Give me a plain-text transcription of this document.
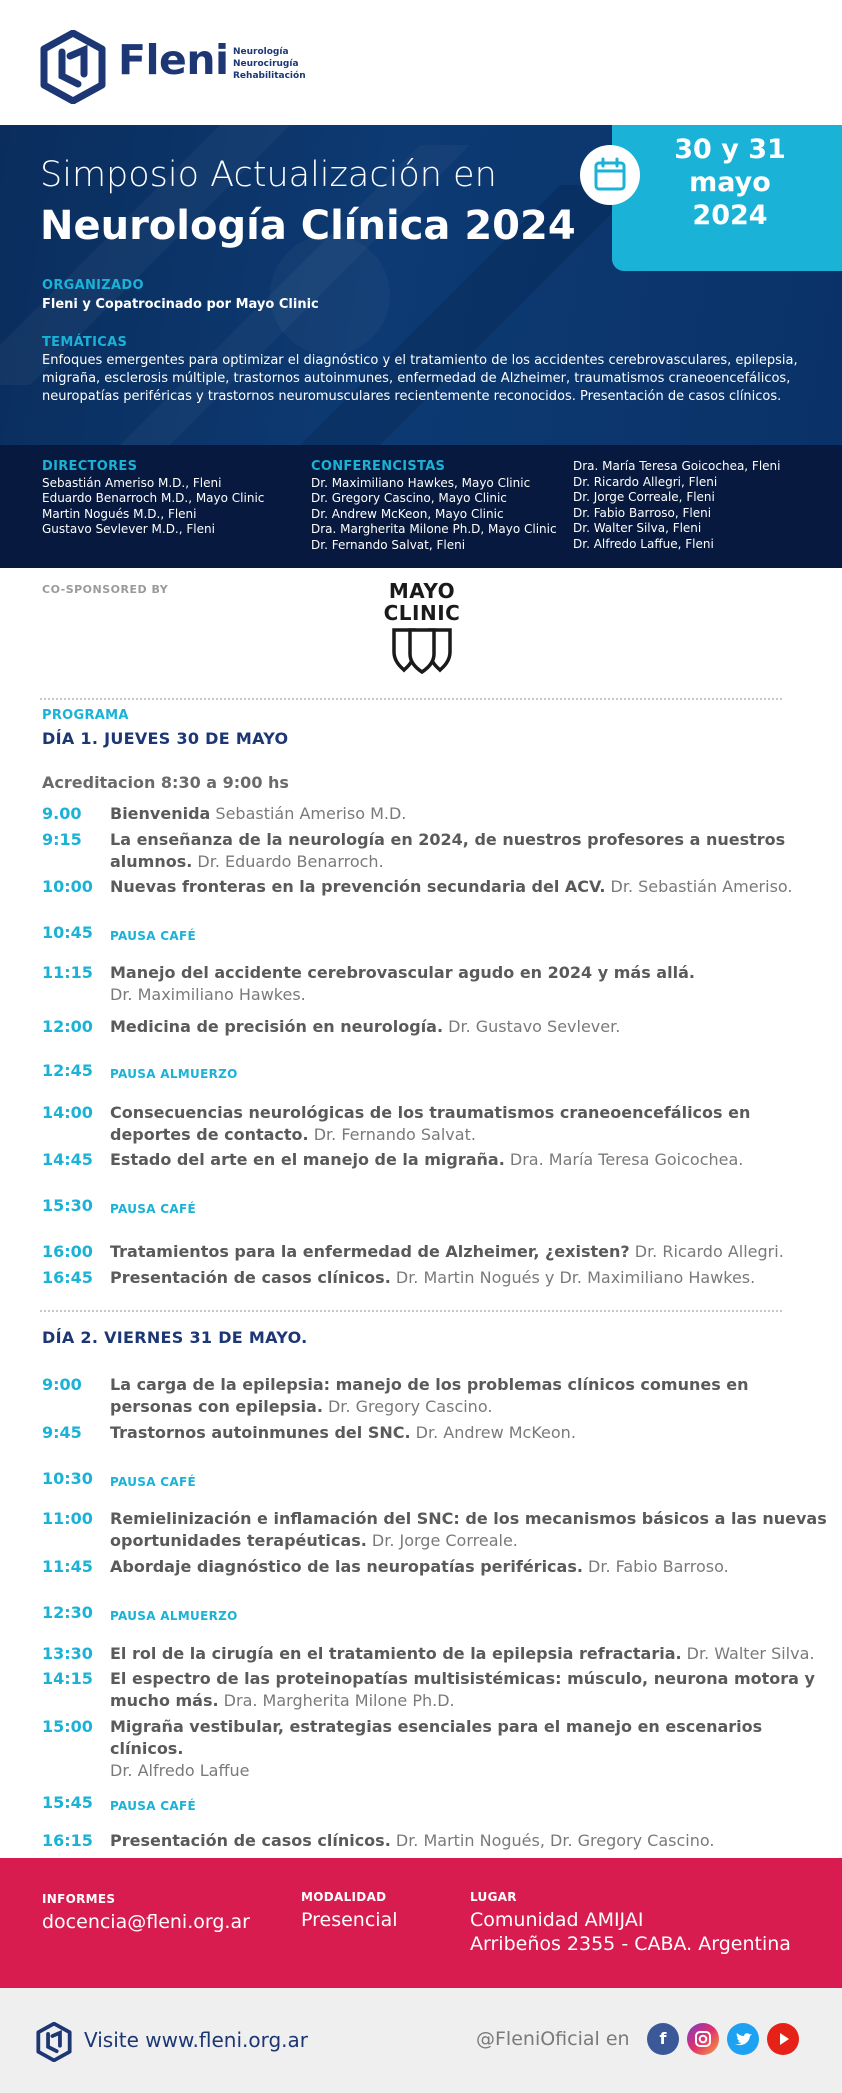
Fleni Neurología
Neurocirugía
Rehabilitación
30 y 31
mayo
2024
Simposio Actualización en
Neurología Clínica 2024
ORGANIZADO
Fleni y Copatrocinado por Mayo Clinic
TEMÁTICAS
Enfoques emergentes para optimizar el diagnóstico y el tratamiento de los accidentes cerebrovasculares, epilepsia, migraña, esclerosis múltiple, trastornos autoinmunes, enfermedad de Alzheimer, traumatismos craneoencefálicos, neuropatías periféricas y trastornos neuromusculares recientemente reconocidos. Presentación de casos clínicos.
DIRECTORES
Sebastián Ameriso M.D., Fleni
Eduardo Benarroch M.D., Mayo Clinic
Martin Nogués M.D., Fleni
Gustavo Sevlever M.D., Fleni
CONFERENCISTAS
Dr. Maximiliano Hawkes, Mayo Clinic
Dr. Gregory Cascino, Mayo Clinic
Dr. Andrew McKeon, Mayo Clinic
Dra. Margherita Milone Ph.D, Mayo Clinic
Dr. Fernando Salvat, Fleni
Dra. María Teresa Goicochea, Fleni
Dr. Ricardo Allegri, Fleni
Dr. Jorge Correale, Fleni
Dr. Fabio Barroso, Fleni
Dr. Walter Silva, Fleni
Dr. Alfredo Laffue, Fleni
CO-SPONSORED BY	MAYO
CLINIC
PROGRAMA
DÍA 1. JUEVES 30 DE MAYO
Acreditacion 8:30 a 9:00 hs
9.00 Bienvenida Sebastián Ameriso M.D.
9:15 La enseñanza de la neurología en 2024, de nuestros profesores a nuestros alumnos. Dr. Eduardo Benarroch.
10:00 Nuevas fronteras en la prevención secundaria del ACV. Dr. Sebastián Ameriso.
10:45 PAUSA CAFÉ
11:15 Manejo del accidente cerebrovascular agudo en 2024 y más allá.
Dr. Maximiliano Hawkes.
12:00 Medicina de precisión en neurología. Dr. Gustavo Sevlever.
12:45 PAUSA ALMUERZO
14:00 Consecuencias neurológicas de los traumatismos craneoencefálicos en deportes de contacto. Dr. Fernando Salvat.
14:45 Estado del arte en el manejo de la migraña. Dra. María Teresa Goicochea.
15:30 PAUSA CAFÉ
16:00 Tratamientos para la enfermedad de Alzheimer, ¿existen? Dr. Ricardo Allegri.
16:45 Presentación de casos clínicos. Dr. Martin Nogués y Dr. Maximiliano Hawkes.
DÍA 2. VIERNES 31 DE MAYO.
9:00 La carga de la epilepsia: manejo de los problemas clínicos comunes en personas con epilepsia. Dr. Gregory Cascino.
9:45 Trastornos autoinmunes del SNC. Dr. Andrew McKeon.
10:30 PAUSA CAFÉ
11:00 Remielinización e inflamación del SNC: de los mecanismos básicos a las nuevas oportunidades terapéuticas. Dr. Jorge Correale.
11:45 Abordaje diagnóstico de las neuropatías periféricas. Dr. Fabio Barroso.
12:30 PAUSA ALMUERZO
13:30 El rol de la cirugía en el tratamiento de la epilepsia refractaria. Dr. Walter Silva.
14:15 El espectro de las proteinopatías multisistémicas: músculo, neurona motora y mucho más. Dra. Margherita Milone Ph.D.
15:00 Migraña vestibular, estrategias esenciales para el manejo en escenarios clínicos.
Dr. Alfredo Laffue
15:45 PAUSA CAFÉ
16:15 Presentación de casos clínicos. Dr. Martin Nogués, Dr. Gregory Cascino.
INFORMES
docencia@fleni.org.ar
MODALIDAD
Presencial
LUGAR
Comunidad AMIJAI
Arribeños 2355 - CABA. Argentina
Visite www.fleni.org.ar	@FleniOficial en	f
